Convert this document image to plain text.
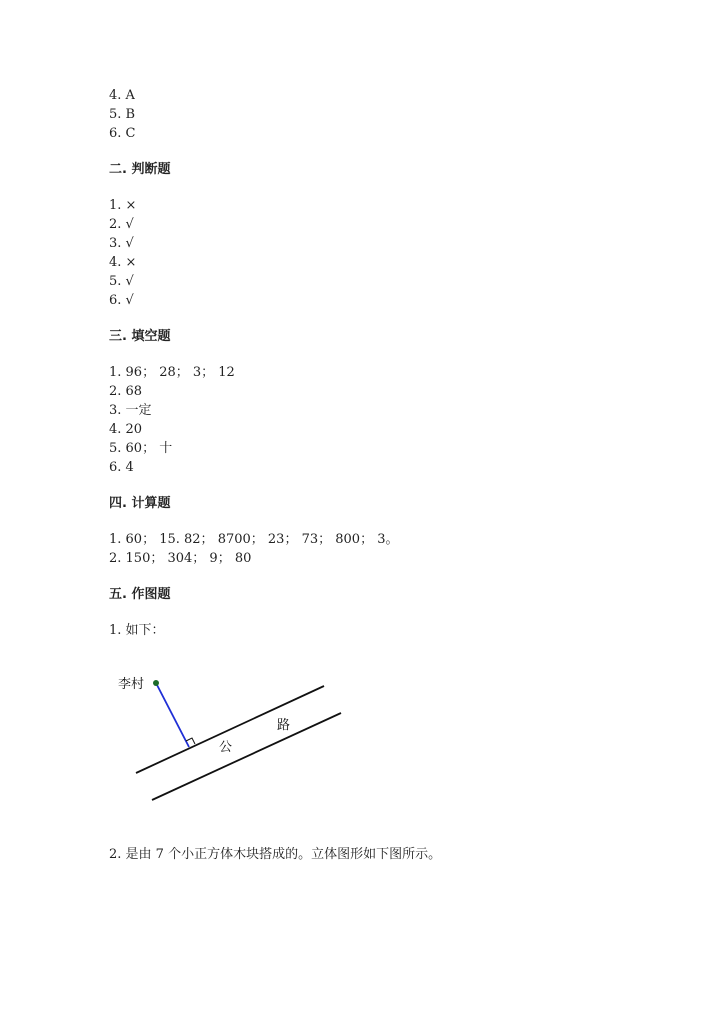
4. A
5. B
6. C
二. 判断题
1. ×
2. √
3. √
4. ×
5. √
6. √
三. 填空题
1. 96； 28； 3； 12
2. 68
3. 一定
4. 20
5. 60； 十
6. 4
四. 计算题
1. 60； 15. 82； 8700； 23； 73； 800； 3。
2. 150； 304； 9； 80
五. 作图题
1. 如下：
李村
公
路
2. 是由 7 个小正方体木块搭成的。立体图形如下图所示。
